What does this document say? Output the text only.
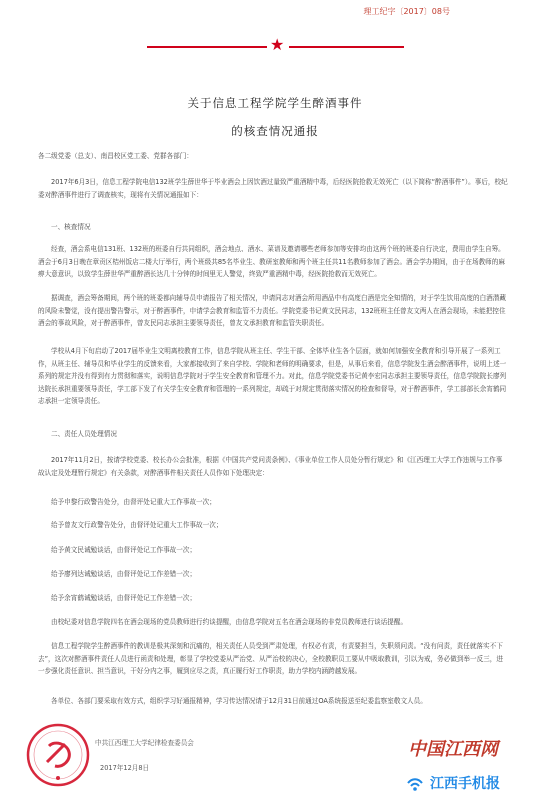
理工纪字〔2017〕08号
★
关于信息工程学院学生醉酒事件
的核查情况通报
各二级党委（总支）、南昌校区党工委、党群各部门：
2017年6月3日，信息工程学院电信132班学生薛世华于毕业酒会上因饮酒过量致严重酒精中毒，后经医院抢救无效死亡（以下简称“醉酒事件”）。事后，校纪委对醉酒事件进行了调查核实，现将有关情况通报如下：
一、核查情况
经查，酒会系电信131班、132班的班委自行共同组织，酒会地点、酒水、菜谱及邀请哪些老师参加等安排均由这两个班的班委自行决定，费用由学生自筹。酒会于6月3日晚在章贡区桔州饭店二楼大厅举行，两个班级共85名毕业生、教研室教师和两个班主任共11名教师参加了酒会。酒会学办期间，由于在场教师的麻痹大意意识，以致学生薛世华严重醉酒长达几十分钟的时间里无人警觉，终致严重酒精中毒，经医院抢救而无效死亡。
据调查，酒会筹备期间，两个班的班委都向辅导员申请报告了相关情况，申请同志对酒会所用酒品中有高度白酒是完全知情的，对于学生饮用高度的白酒潜藏的风险未警觉，没有提出警告警示，对于醉酒事件，申请学会教育和监管不力责任。学院党委书记黄文民同志，132班班主任曾友文两人在酒会现场，未能把控住酒会的事故风险，对于醉酒事件，曾友民同志承担主要领导责任，曾友文承担教育和监管失职责任。
学校从4月下旬启动了2017届毕业生文明离校教育工作，信息学院从班主任、学生干部、全体毕业生各个层面，就如何加强安全教育和引导开展了一系列工作，从班主任、辅导员和毕业学生的反馈来看，大家都接收到了来自学校、学院和老师的明确要求，但是，从事后来看，信息学院发生酒会醉酒事件，说明上述一系列的规定并没有得到有力贯彻和落实，说明信息学院对于学生安全教育和管理不力。对此，信息学院党委书记黄李宏同志承担主要领导责任，信息学院院长廖列达院长承担重要领导责任，学工部下发了有关学生安全教育和管理的一系列规定，却疏于对规定贯彻落实情况的检查和督导，对于醉酒事件，学工部部长余宵鹤同志承担一定领导责任。
二、责任人员处理情况
2017年11月2日，按请学校党委、校长办公会批准，根据《中国共产党问责条例》、《事业单位工作人员处分暂行规定》和《江西理工大学工作违规与工作事故认定及处理暂行规定》有关条款，对醉酒事件相关责任人员作如下处理决定：
给予申黎行政警告处分，由督评处记重大工作事故一次；
给予曾友文行政警告处分，由督评处记重大工作事故一次；
给予黄文民诫勉谈话，由督评处记工作事故一次；
给予廖列达诫勉谈话，由督评处记工作差错一次；
给予余宵鹤诫勉谈话，由督评处记工作差错一次；
由校纪委对信息学院四名在酒会现场的党员教师进行约谈提醒，由信息学院对五名在酒会现场的非党员教师进行谈话提醒。
信息工程学院学生醉酒事件的教训是极其深刻和沉痛的，相关责任人员受到严肃处理，有权必有责，有责要担当，失职须问责。“没有问责，责任就落实不下去”，这次对醉酒事件责任人员进行函责和处理，彰显了学校党委从严治党、从严治校的决心，全校教职员工要从中吸取教训，引以为戒，务必做到举一反三，进一步强化责任意识、担当意识，干好分内之事，履到应尽之责，真正履行好工作职责，助力学校内涵跨越发展。
各单位、各部门要采取有效方式，组织学习好通报精神，学习传达情况请于12月31日前通过OA系统报送至纪委监察室敬文人员。
中共江西理工大学纪律检查委员会
2017年12月8日
中国江西网
江西手机报
